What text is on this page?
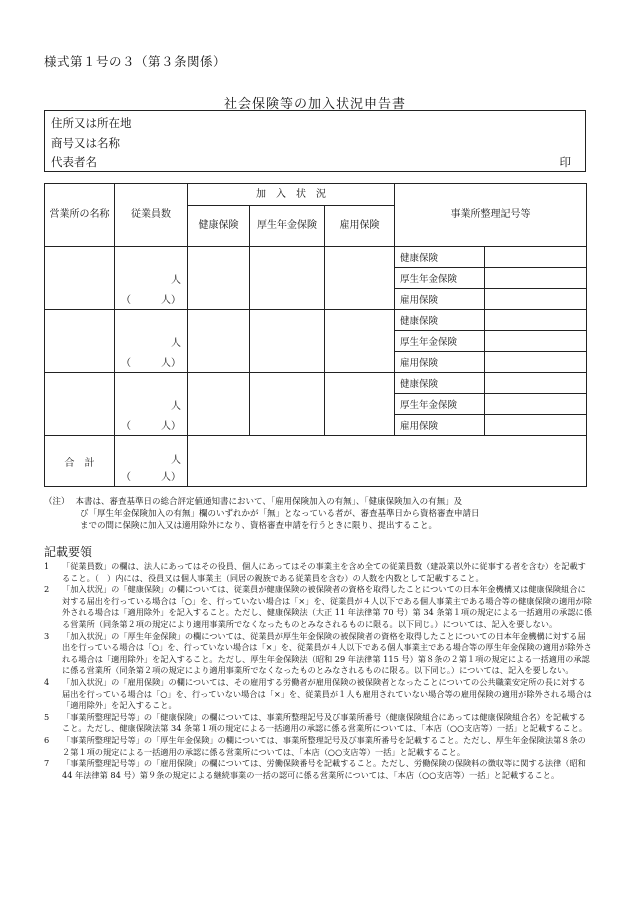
様式第１号の３（第３条関係）
社会保険等の加入状況申告書
住所又は所在地
商号又は名称
代表者名	印
営業所の名称	従業員数	加　入　状　況			事業所整理記号等	
		健康保険	厚生年金保険	雇用保険		
					健康保険	
	人				厚生年金保険	
	（　　　人）				雇用保険	
					健康保険	
	人				厚生年金保険	
	（　　　人）				雇用保険	
					健康保険	
	人				厚生年金保険	
	（　　　人）				雇用保険	
合　計	人					
	（　　　人）					
（注） 本書は、審査基準日の総合評定値通知書において、「雇用保険加入の有無」、「健康保険加入の有無」及
び「厚生年金保険加入の有無」欄のいずれかが「無」となっている者が、審査基準日から資格審査申請日
までの間に保険に加入又は適用除外になり、資格審査申請を行うときに限り、提出すること。
記載要領
1	「従業員数」の欄は、法人にあってはその役員、個人にあってはその事業主を含め全ての従業員数（建設業以外に従事する者を含む）を記載すること。（　）内には、役員又は個人事業主（同居の親族である従業員を含む）の人数を内数として記載すること。
2	「加入状況」の「健康保険」の欄については、従業員が健康保険の被保険者の資格を取得したことについての日本年金機構又は健康保険組合に対する届出を行っている場合は「○」を、行っていない場合は「×」を、従業員が４人以下である個人事業主である場合等の健康保険の適用が除外される場合は「適用除外」を記入すること。ただし、健康保険法（大正 11 年法律第 70 号）第 34 条第１項の規定による一括適用の承認に係る営業所（同条第２項の規定により適用事業所でなくなったものとみなされるものに限る。以下同じ。）については、記入を要しない。
3	「加入状況」の「厚生年金保険」の欄については、従業員が厚生年金保険の被保険者の資格を取得したことについての日本年金機構に対する届出を行っている場合は「○」を、行っていない場合は「×」を、従業員が４人以下である個人事業主である場合等の厚生年金保険の適用が除外される場合は「適用除外」を記入すること。ただし、厚生年金保険法（昭和 29 年法律第 115 号）第８条の２第１項の規定による一括適用の承認に係る営業所（同条第２項の規定により適用事業所でなくなったものとみなされるものに限る。以下同じ。）については、記入を要しない。
4	「加入状況」の「雇用保険」の欄については、その雇用する労働者が雇用保険の被保険者となったことについての公共職業安定所の長に対する届出を行っている場合は「○」を、行っていない場合は「×」を、従業員が１人も雇用されていない場合等の雇用保険の適用が除外される場合は「適用除外」を記入すること。
5	「事業所整理記号等」の「健康保険」の欄については、事業所整理記号及び事業所番号（健康保険組合にあっては健康保険組合名）を記載すること。ただし、健康保険法第 34 条第１項の規定による一括適用の承認に係る営業所については、「本店（○○支店等）一括」と記載すること。
6	「事業所整理記号等」の「厚生年金保険」の欄については、事業所整理記号及び事業所番号を記載すること。ただし、厚生年金保険法第８条の２第１項の規定による一括適用の承認に係る営業所については、「本店（○○支店等）一括」と記載すること。
7	「事業所整理記号等」の「雇用保険」の欄については、労働保険番号を記載すること。ただし、労働保険の保険料の徴収等に関する法律（昭和 44 年法律第 84 号）第９条の規定による継続事業の一括の認可に係る営業所については、「本店（○○支店等）一括」と記載すること。
